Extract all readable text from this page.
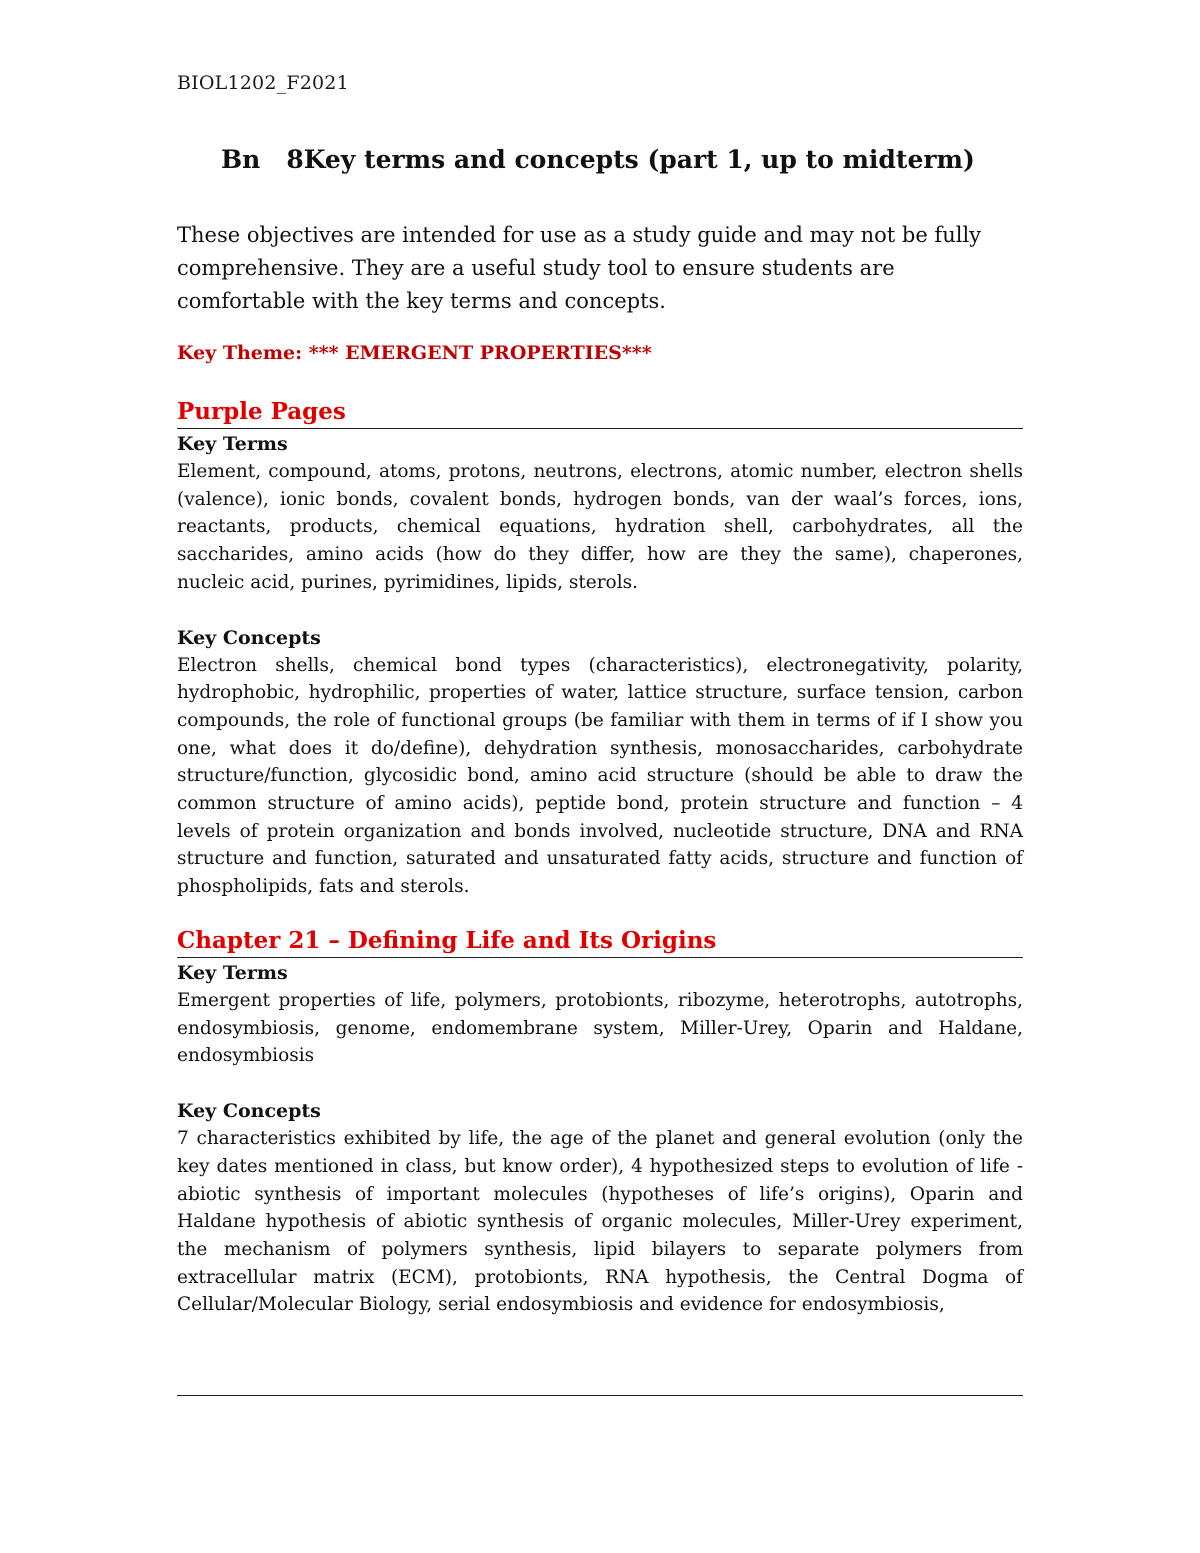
BIOL1202_F2021
Bn 8Key terms and concepts (part 1, up to midterm)

These objectives are intended for use as a study guide and may not be fully comprehensive. They are a useful study tool to ensure students are comfortable with the key terms and concepts.

Key Theme: *** EMERGENT PROPERTIES***
Purple Pages
Key Terms

Element, compound, atoms, protons, neutrons, electrons, atomic number, electron shells (valence), ionic bonds, covalent bonds, hydrogen bonds, van der waal’s forces, ions, reactants, products, chemical equations, hydration shell, carbohydrates, all the saccharides, amino acids (how do they differ, how are they the same), chaperones, nucleic acid, purines, pyrimidines, lipids, sterols.

Key Concepts

Electron shells, chemical bond types (characteristics), electronegativity, polarity, hydrophobic, hydrophilic, properties of water, lattice structure, surface tension, carbon compounds, the role of functional groups (be familiar with them in terms of if I show you one, what does it do/define), dehydration synthesis, monosaccharides, carbohydrate structure/function, glycosidic bond, amino acid structure (should be able to draw the common structure of amino acids), peptide bond, protein structure and function – 4 levels of protein organization and bonds involved, nucleotide structure, DNA and RNA structure and function, saturated and unsaturated fatty acids, structure and function of phospholipids, fats and sterols.

Chapter 21 – Defining Life and Its Origins
Key Terms

Emergent properties of life, polymers, protobionts, ribozyme, heterotrophs, autotrophs, endosymbiosis, genome, endomembrane system, Miller-Urey, Oparin and Haldane, endosymbiosis

Key Concepts

7 characteristics exhibited by life, the age of the planet and general evolution (only the key dates mentioned in class, but know order), 4 hypothesized steps to evolution of life - abiotic synthesis of important molecules (hypotheses of life’s origins), Oparin and Haldane hypothesis of abiotic synthesis of organic molecules, Miller-Urey experiment, the mechanism of polymers synthesis, lipid bilayers to separate polymers from extracellular matrix (ECM), protobionts, RNA hypothesis, the Central Dogma of Cellular/Molecular Biology, serial endosymbiosis and evidence for endosymbiosis,
